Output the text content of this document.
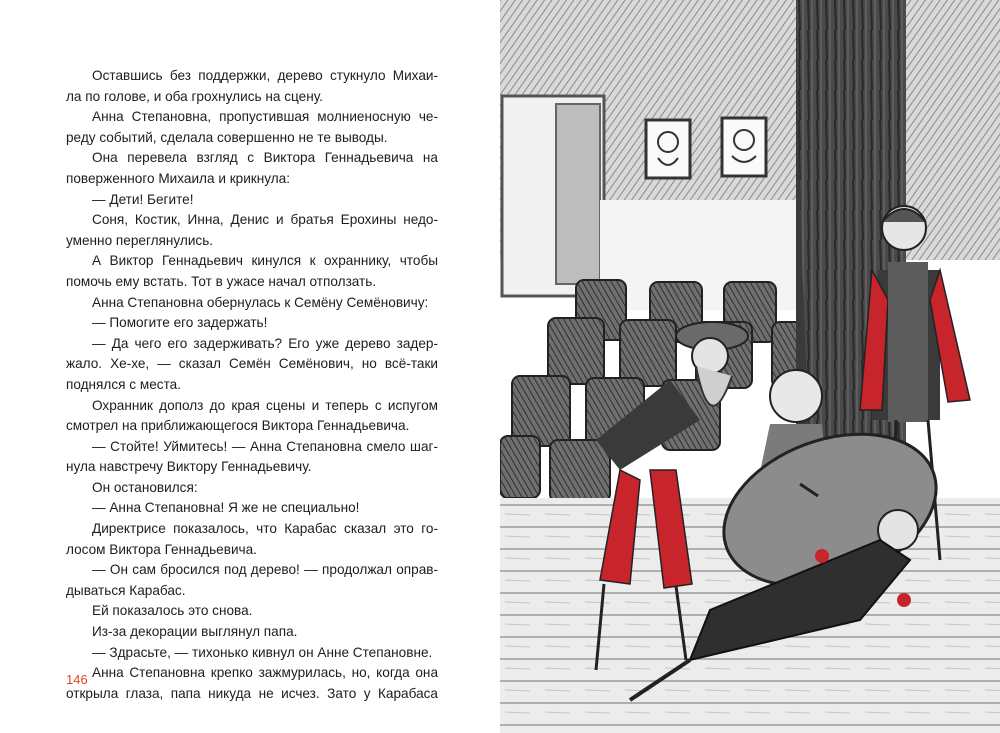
Оставшись без поддержки, дерево стукнуло Михаи-
ла по голове, и оба грохнулись на сцену.
Анна Степановна, пропустившая молниеносную че-
реду событий, сделала совершенно не те выводы.
Она перевела взгляд с Виктора Геннадьевича на
поверженного Михаила и крикнула:
— Дети! Бегите!
Соня, Костик, Инна, Денис и братья Ерохины недо-
уменно переглянулись.
А Виктор Геннадьевич кинулся к охраннику, чтобы
помочь ему встать. Тот в ужасе начал отползать.
Анна Степановна обернулась к Семёну Семёновичу:
— Помогите его задержать!
— Да чего его задерживать? Его уже дерево задер-
жало. Хе-хе, — сказал Семён Семёнович, но всё-таки
поднялся с места.
Охранник дополз до края сцены и теперь с испугом
смотрел на приближающегося Виктора Геннадьевича.
— Стойте! Уймитесь! — Анна Степановна смело шаг-
нула навстречу Виктору Геннадьевичу.
Он остановился:
— Анна Степановна! Я же не специально!
Директрисе показалось, что Карабас сказал это го-
лосом Виктора Геннадьевича.
— Он сам бросился под дерево! — продолжал оправ-
дываться Карабас.
Ей показалось это снова.
Из-за декорации выглянул папа.
— Здрасьте, — тихонько кивнул он Анне Степановне.
Анна Степановна крепко зажмурилась, но, когда она
открыла глаза, папа никуда не исчез. Зато у Карабаса
146
